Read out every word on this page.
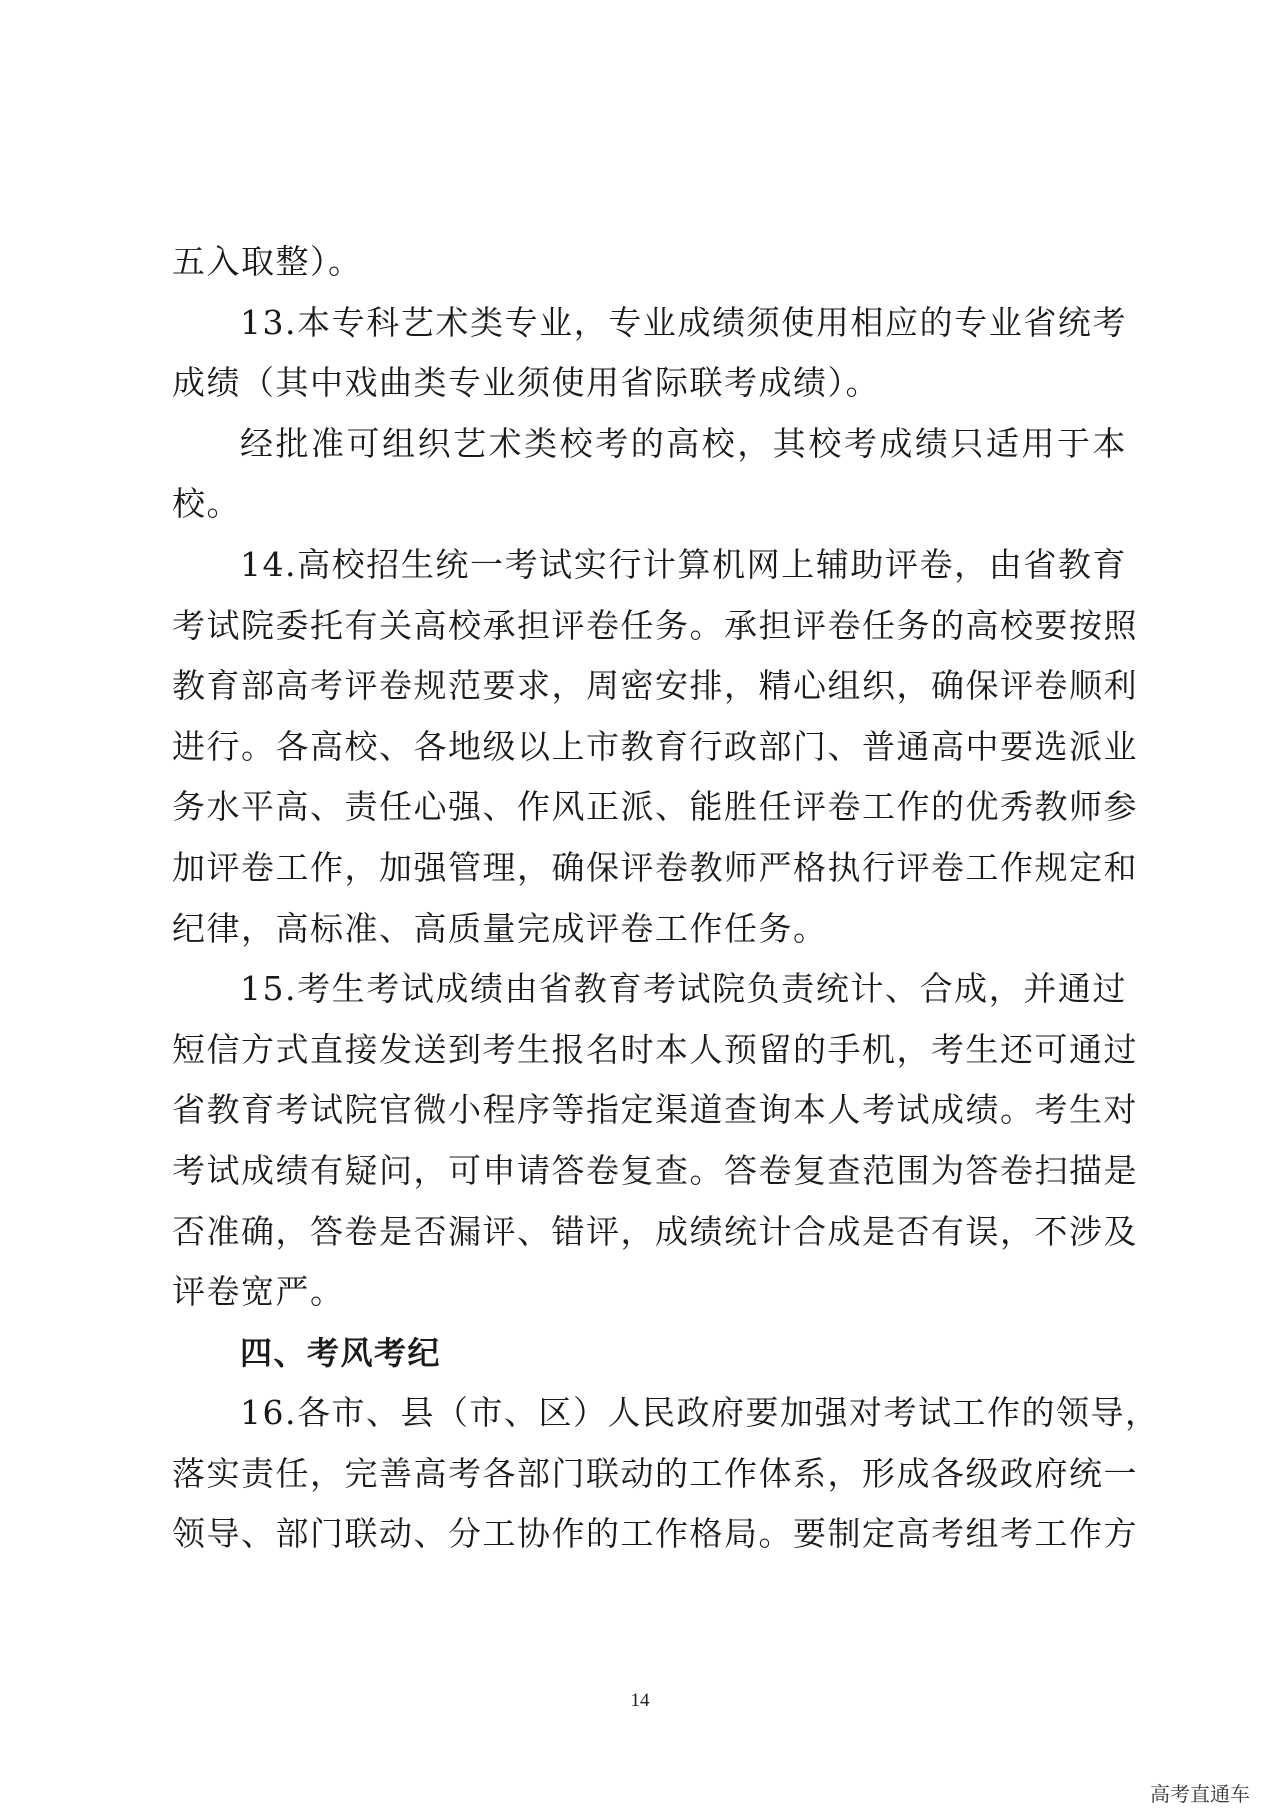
五入取整）。
13.本专科艺术类专业，专业成绩须使用相应的专业省统考
成绩（其中戏曲类专业须使用省际联考成绩）。
经批准可组织艺术类校考的高校，其校考成绩只适用于本
校。
14.高校招生统一考试实行计算机网上辅助评卷，由省教育
考试院委托有关高校承担评卷任务。承担评卷任务的高校要按照
教育部高考评卷规范要求，周密安排，精心组织，确保评卷顺利
进行。各高校、各地级以上市教育行政部门、普通高中要选派业
务水平高、责任心强、作风正派、能胜任评卷工作的优秀教师参
加评卷工作，加强管理，确保评卷教师严格执行评卷工作规定和
纪律，高标准、高质量完成评卷工作任务。
15.考生考试成绩由省教育考试院负责统计、合成，并通过
短信方式直接发送到考生报名时本人预留的手机，考生还可通过
省教育考试院官微小程序等指定渠道查询本人考试成绩。考生对
考试成绩有疑问，可申请答卷复查。答卷复查范围为答卷扫描是
否准确，答卷是否漏评、错评，成绩统计合成是否有误，不涉及
评卷宽严。
四、考风考纪
16.各市、县（市、区）人民政府要加强对考试工作的领导，
落实责任，完善高考各部门联动的工作体系，形成各级政府统一
领导、部门联动、分工协作的工作格局。要制定高考组考工作方
14
高考直通车
